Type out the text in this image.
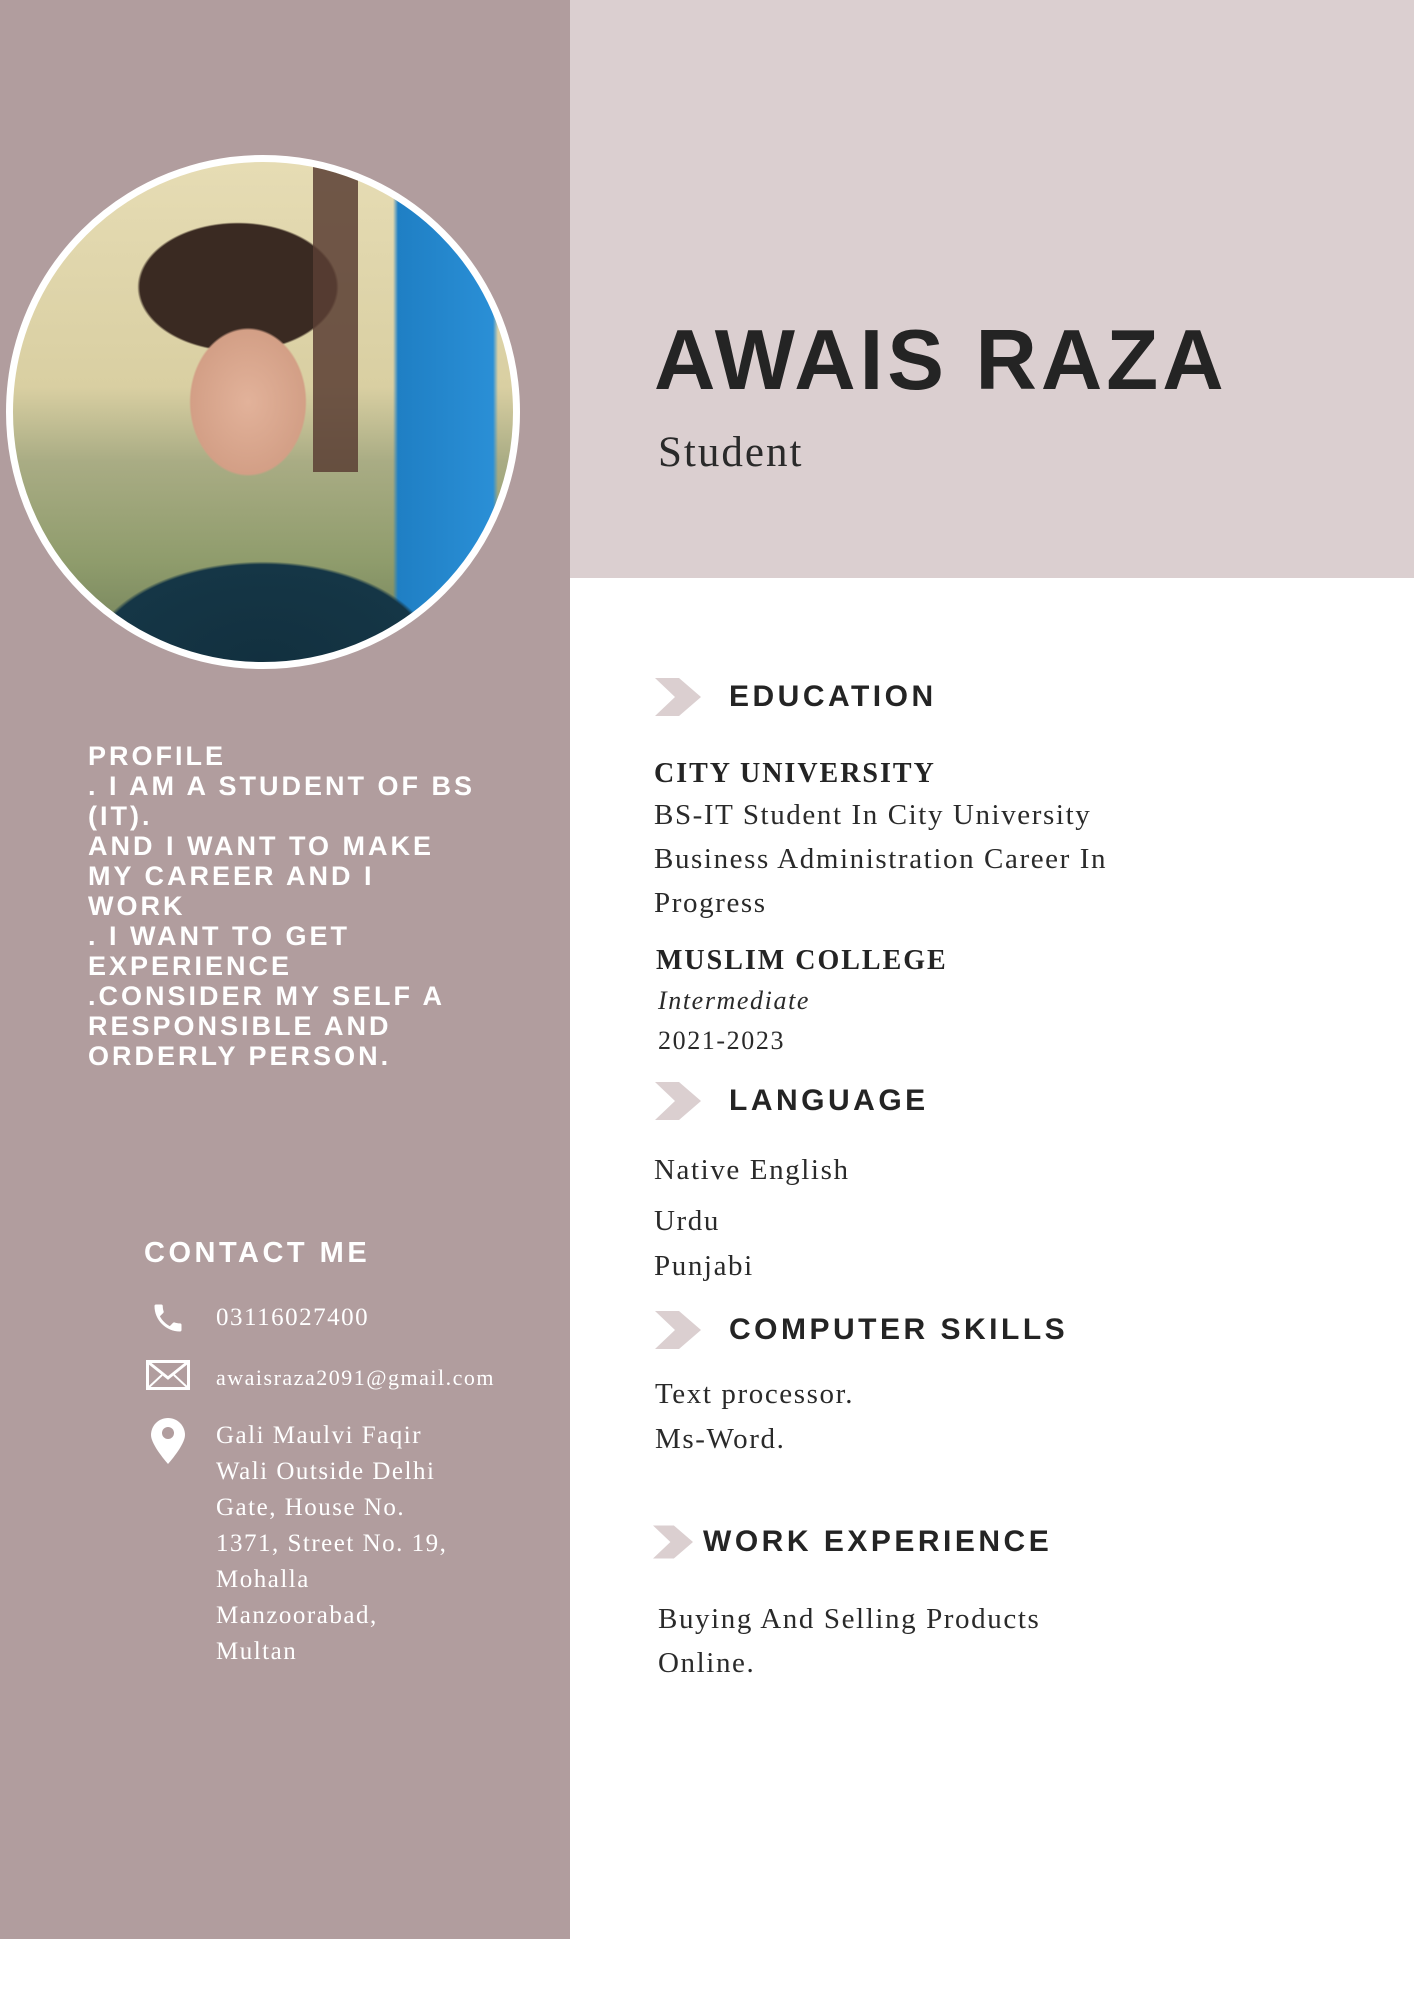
PROFILE
. I AM A STUDENT OF BS
(IT).
AND I WANT TO MAKE
MY CAREER AND I
WORK
. I WANT TO GET
EXPERIENCE
.CONSIDER MY SELF A
RESPONSIBLE AND
ORDERLY PERSON.
CONTACT ME
03116027400
awaisraza2091@gmail.com
Gali Maulvi Faqir
Wali Outside Delhi
Gate, House No.
1371, Street No. 19,
Mohalla
Manzoorabad,
Multan
AWAIS RAZA
Student
EDUCATION
CITY UNIVERSITY
BS-IT Student In City University
Business Administration Career In
Progress
MUSLIM COLLEGE
Intermediate
2021-2023
LANGUAGE
Native English
Urdu
Punjabi
COMPUTER SKILLS
Text processor.
Ms-Word.
WORK EXPERIENCE
Buying And Selling Products
Online.
